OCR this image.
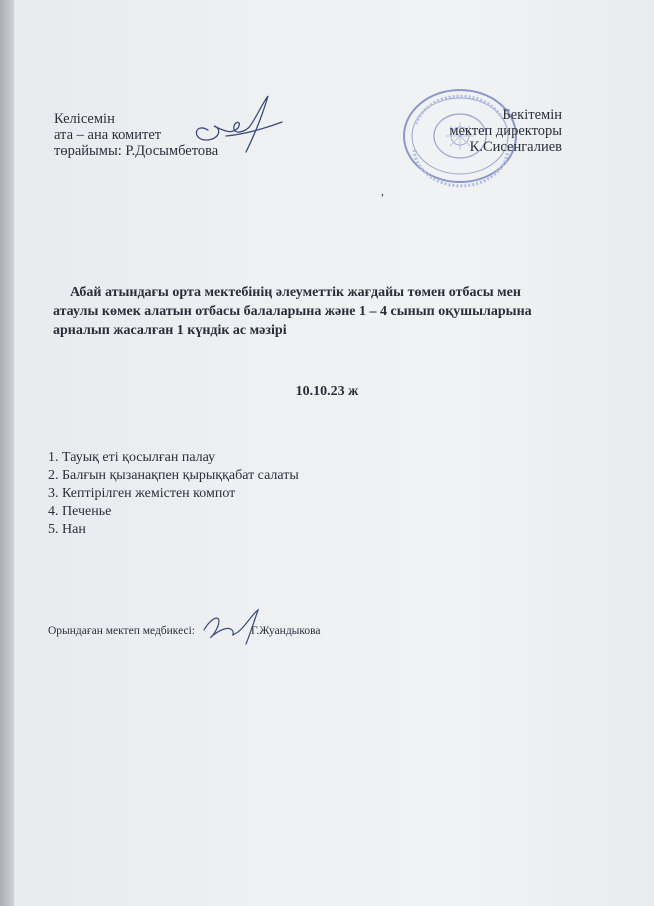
Келісемін
ата – ана комитет
төрайымы: Р.Досымбетова
Бекітемін
мектеп директоры
К.Сисенгалиев
,
Абай атындағы орта мектебінің әлеуметтік жағдайы төмен отбасы мен
атаулы көмек алатын отбасы балаларына және 1 – 4 сынып оқушыларына
арналып жасалған 1 күндік ас мәзірі
10.10.23 ж
1. Тауық еті қосылған палау
2. Балғын қызанақпен қырыққабат салаты
3. Кептірілген жемістен компот
4. Печенье
5. Нан
Орындаған мектеп медбикесі:	Г.Жуандыкова
